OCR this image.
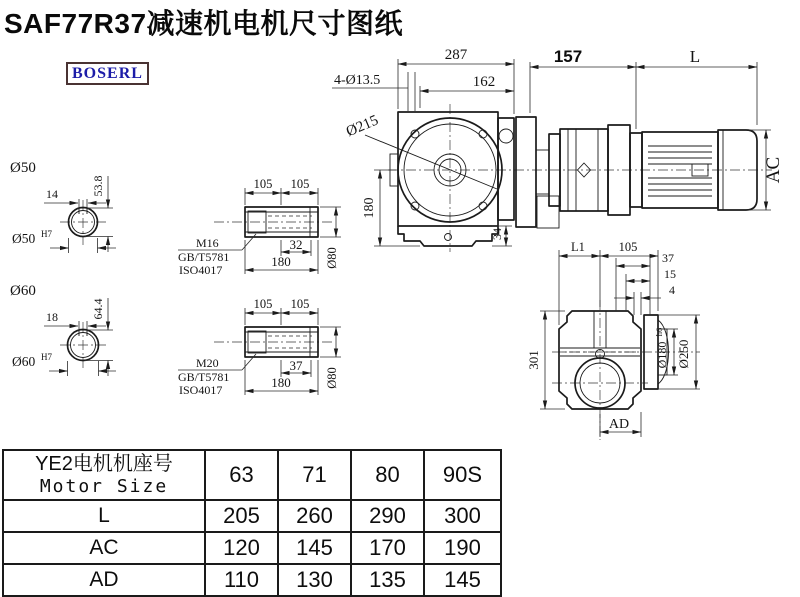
SAF77R37减速机电机尺寸图纸
BOSERL
287
162
4-Ø13.5
Ø215
180
34
157	L
AC
Ø50
14	53.8
Ø50 H7
Ø60
18	64.4
Ø60 H7
105 105
32
180	Ø80
M16
GB/T5781
ISO4017
105 105
37
180	Ø80
M20
GB/T5781
ISO4017
L1	105
37
15
4
301	Ø180
h6
Ø250
AD
YE2电机机座号
Motor Size	63	71	80	90S
L	205	260	290	300
AC	120	145	170	190
AD	110	130	135	145
